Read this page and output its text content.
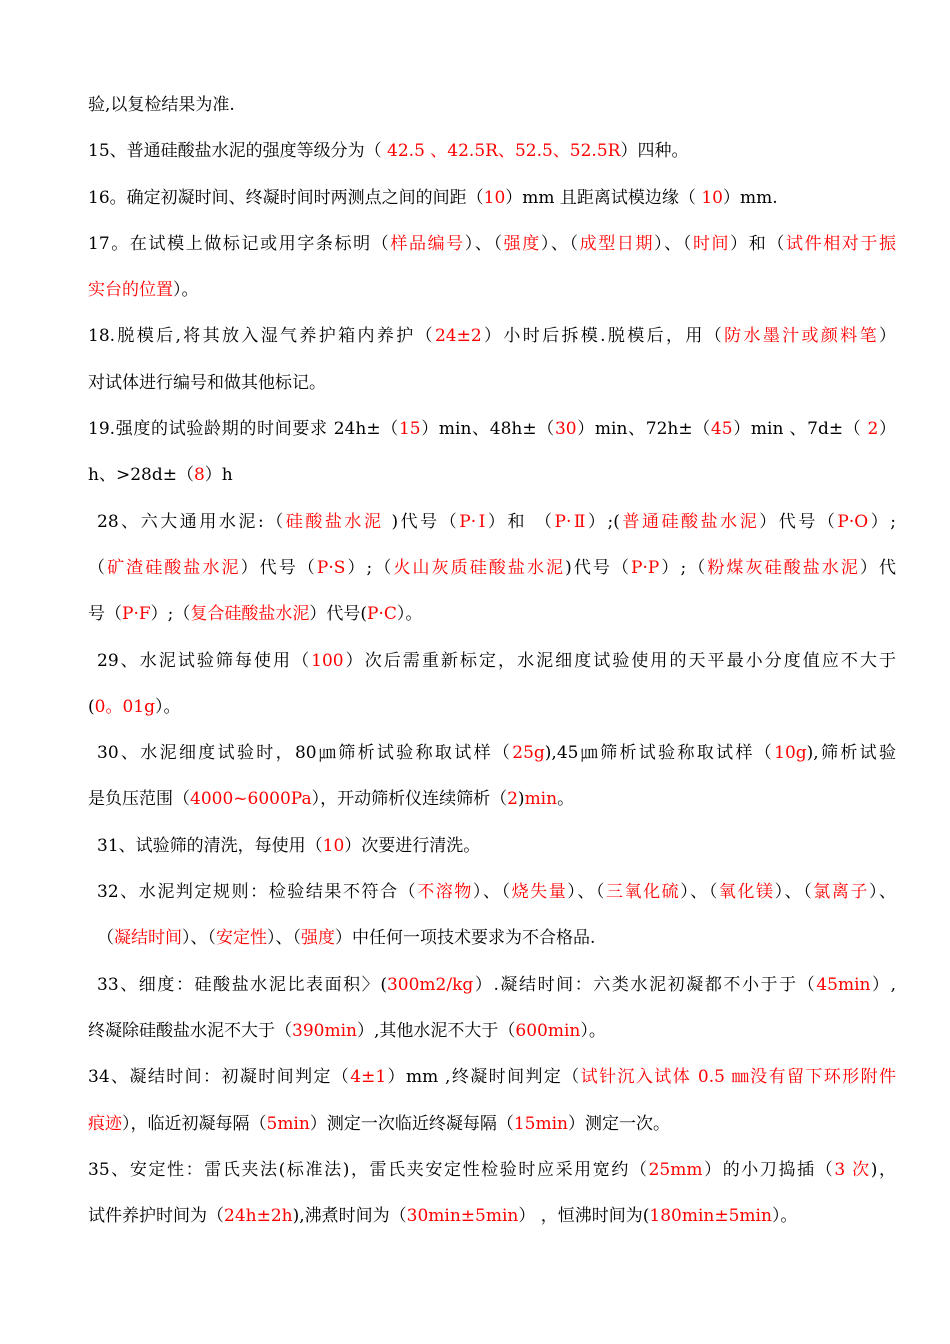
验,以复检结果为准.
15、普通硅酸盐水泥的强度等级分为（ 42.5 、42.5R、52.5、52.5R）四种。
16。确定初凝时间、终凝时间时两测点之间的间距（10）mm 且距离试模边缘（ 10）mm.
17。在试模上做标记或用字条标明（样品编号）、（强度）、（成型日期）、（时间）和（试件相对于振
实台的位置）。
18.脱模后,将其放入湿气养护箱内养护（24±2）小时后拆模.脱模后，用（防水墨汁或颜料笔）
对试体进行编号和做其他标记。
19.强度的试验龄期的时间要求 24h±（15）min、48h±（30）min、72h±（45）min 、7d±（ 2）
h、>28d±（8）h
28、六大通用水泥:（硅酸盐水泥 )代号（P·Ⅰ）和 （P·Ⅱ）;(普通硅酸盐水泥）代号（P·O）;
（矿渣硅酸盐水泥）代号（P·S）;（火山灰质硅酸盐水泥)代号（P·P）;（粉煤灰硅酸盐水泥）代
号（P·F）;（复合硅酸盐水泥）代号(P·C）。
29、水泥试验筛每使用（100）次后需重新标定，水泥细度试验使用的天平最小分度值应不大于
(0。01g）。
30、水泥细度试验时，80㎛筛析试验称取试样（25g),45㎛筛析试验称取试样（10g),筛析试验
是负压范围（4000~6000Pa），开动筛析仪连续筛析（2)min。
31、试验筛的清洗，每使用（10）次要进行清洗。
32、水泥判定规则：检验结果不符合（不溶物）、（烧失量）、（三氧化硫）、（氧化镁）、（氯离子）、
（凝结时间）、（安定性）、（强度）中任何一项技术要求为不合格品.
33、细度：硅酸盐水泥比表面积〉(300m2/kg）.凝结时间：六类水泥初凝都不小于于（45min）,
终凝除硅酸盐水泥不大于（390min）,其他水泥不大于（600min）。
34、凝结时间：初凝时间判定（4±1）mm ,终凝时间判定（试针沉入试体 0.5 ㎜没有留下环形附件
痕迹），临近初凝每隔（5min）测定一次临近终凝每隔（15min）测定一次。
35、安定性：雷氏夹法(标准法)，雷氏夹安定性检验时应采用宽约（25mm）的小刀捣插（3 次)，
试件养护时间为（24h±2h),沸煮时间为（30min±5min） ，恒沸时间为(180min±5min）。
